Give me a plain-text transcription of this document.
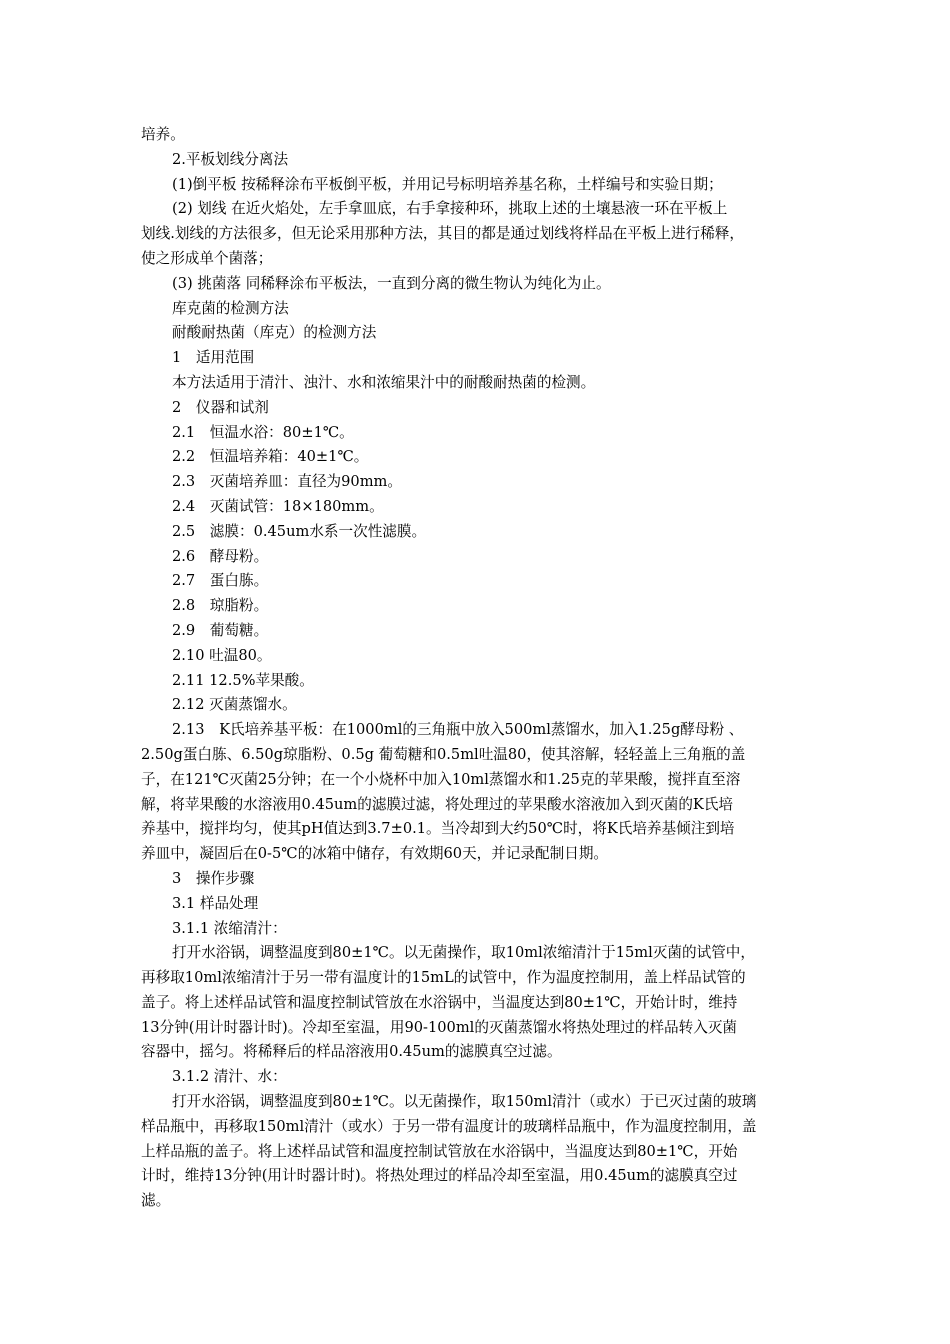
培养。
2.平板划线分离法
(1)倒平板 按稀释涂布平板倒平板，并用记号标明培养基名称，土样编号和实验日期；
(2) 划线 在近火焰处，左手拿皿底，右手拿接种环，挑取上述的土壤悬液一环在平板上
划线.划线的方法很多，但无论采用那种方法，其目的都是通过划线将样品在平板上进行稀释，
使之形成单个菌落；
(3) 挑菌落 同稀释涂布平板法，一直到分离的微生物认为纯化为止。
库克菌的检测方法
耐酸耐热菌（库克）的检测方法
1　适用范围
本方法适用于清汁、浊汁、水和浓缩果汁中的耐酸耐热菌的检测。
2　仪器和试剂
2.1　恒温水浴：80±1℃。
2.2　恒温培养箱：40±1℃。
2.3　灭菌培养皿：直径为90mm。
2.4　灭菌试管：18×180mm。
2.5　滤膜：0.45um水系一次性滤膜。
2.6　酵母粉。
2.7　蛋白胨。
2.8　琼脂粉。
2.9　葡萄糖。
2.10 吐温80。
2.11 12.5%苹果酸。
2.12 灭菌蒸馏水。
2.13　K氏培养基平板：在1000ml的三角瓶中放入500ml蒸馏水，加入1.25g酵母粉 、
2.50g蛋白胨、6.50g琼脂粉、0.5g 葡萄糖和0.5ml吐温80，使其溶解，轻轻盖上三角瓶的盖
子，在121℃灭菌25分钟；在一个小烧杯中加入10ml蒸馏水和1.25克的苹果酸，搅拌直至溶
解，将苹果酸的水溶液用0.45um的滤膜过滤，将处理过的苹果酸水溶液加入到灭菌的K氏培
养基中，搅拌均匀，使其pH值达到3.7±0.1。当冷却到大约50℃时，将K氏培养基倾注到培
养皿中，凝固后在0-5℃的冰箱中储存，有效期60天，并记录配制日期。
3　操作步骤
3.1 样品处理
3.1.1 浓缩清汁：
打开水浴锅，调整温度到80±1℃。以无菌操作，取10ml浓缩清汁于15ml灭菌的试管中，
再移取10ml浓缩清汁于另一带有温度计的15mL的试管中，作为温度控制用，盖上样品试管的
盖子。将上述样品试管和温度控制试管放在水浴锅中，当温度达到80±1℃，开始计时，维持
13分钟(用计时器计时)。冷却至室温，用90-100ml的灭菌蒸馏水将热处理过的样品转入灭菌
容器中，摇匀。将稀释后的样品溶液用0.45um的滤膜真空过滤。
3.1.2 清汁、水：
打开水浴锅，调整温度到80±1℃。以无菌操作，取150ml清汁（或水）于已灭过菌的玻璃
样品瓶中，再移取150ml清汁（或水）于另一带有温度计的玻璃样品瓶中，作为温度控制用，盖
上样品瓶的盖子。将上述样品试管和温度控制试管放在水浴锅中，当温度达到80±1℃，开始
计时，维持13分钟(用计时器计时)。将热处理过的样品冷却至室温，用0.45um的滤膜真空过
滤。
